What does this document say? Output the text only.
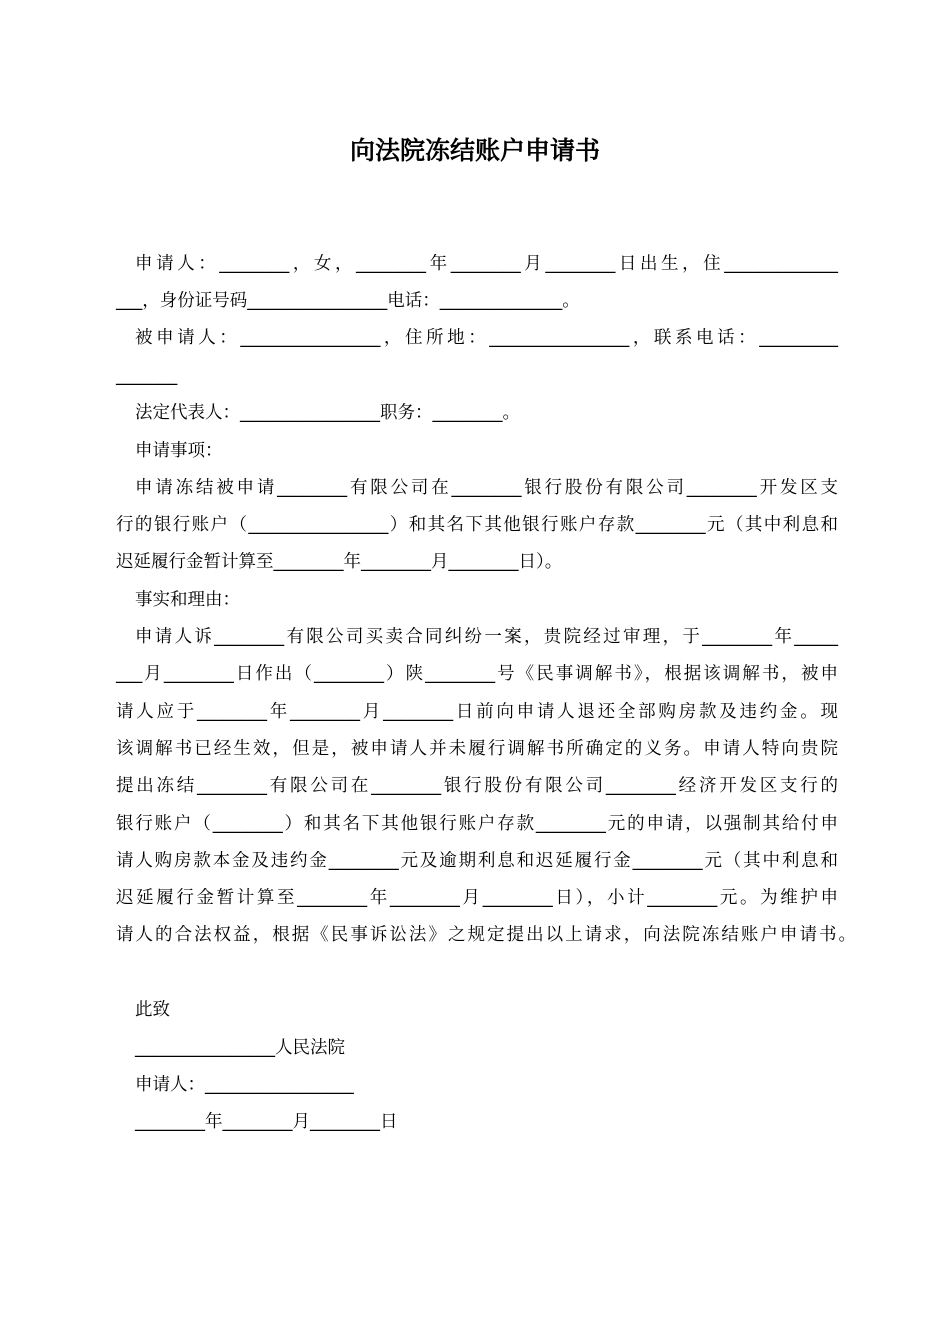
向法院冻结账户申请书

申请人：________，女，________年________月________日出生，住_____________

___，身份证号码________________电话：______________。

被申请人：________________，住所地：________________，联系电话：_________

_______

法定代表人：________________职务：________。

申请事项：

申请冻结被申请________有限公司在________银行股份有限公司________开发区支

行的银行账户（________________）和其名下其他银行账户存款________元（其中利息和

迟延履行金暂计算至________年________月________日）。

事实和理由：

申请人诉________有限公司买卖合同纠纷一案，贵院经过审理，于________年_____

___月________日作出（________）陕________号《民事调解书》，根据该调解书，被申

请人应于________年________月________日前向申请人退还全部购房款及违约金。现

该调解书已经生效，但是，被申请人并未履行调解书所确定的义务。申请人特向贵院

提出冻结________有限公司在________银行股份有限公司________经济开发区支行的

银行账户（________）和其名下其他银行账户存款________元的申请，以强制其给付申

请人购房款本金及违约金________元及逾期利息和迟延履行金________元（其中利息和

迟延履行金暂计算至________年________月________日），小计________元。为维护申

请人的合法权益，根据《民事诉讼法》之规定提出以上请求，向法院冻结账户申请书。

此致

________________人民法院

申请人：_________________

________年________月________日
